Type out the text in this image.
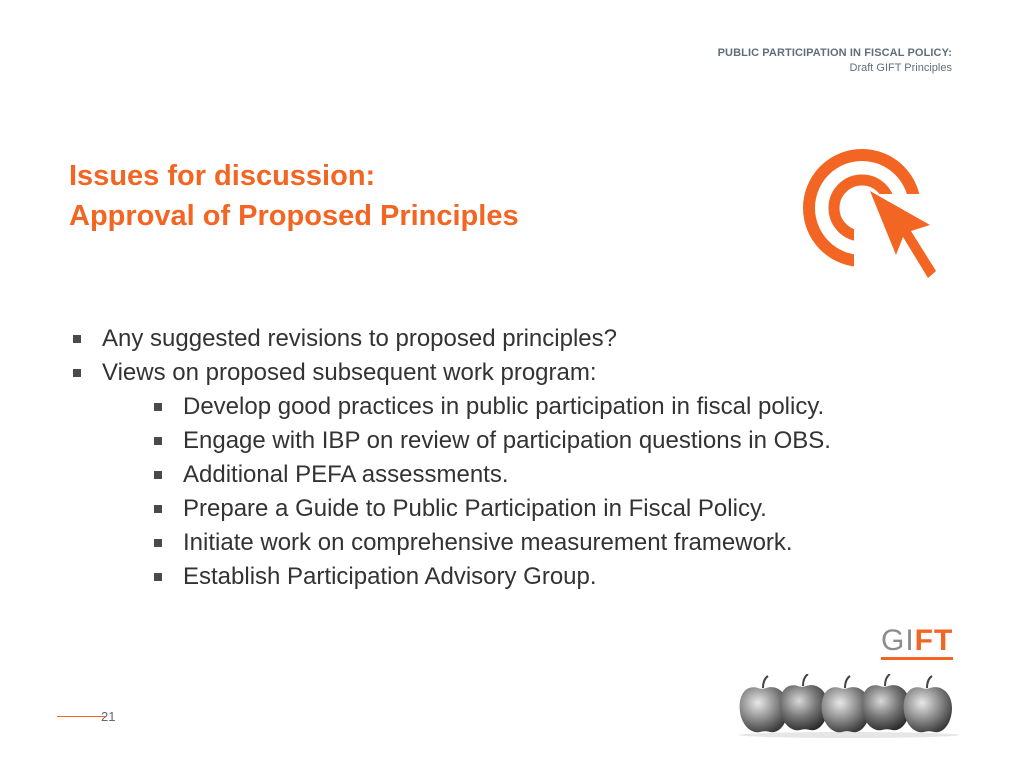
PUBLIC PARTICIPATION IN FISCAL POLICY:
Draft GIFT Principles
Issues for discussion:
Approval of Proposed Principles
Any suggested revisions to proposed principles?
Views on proposed subsequent work program:
Develop good practices in public participation in fiscal policy.
Engage with IBP on review of participation questions in OBS.
Additional PEFA assessments.
Prepare a Guide to Public Participation in Fiscal Policy.
Initiate work on comprehensive measurement framework.
Establish Participation Advisory Group.
GIFT
21
